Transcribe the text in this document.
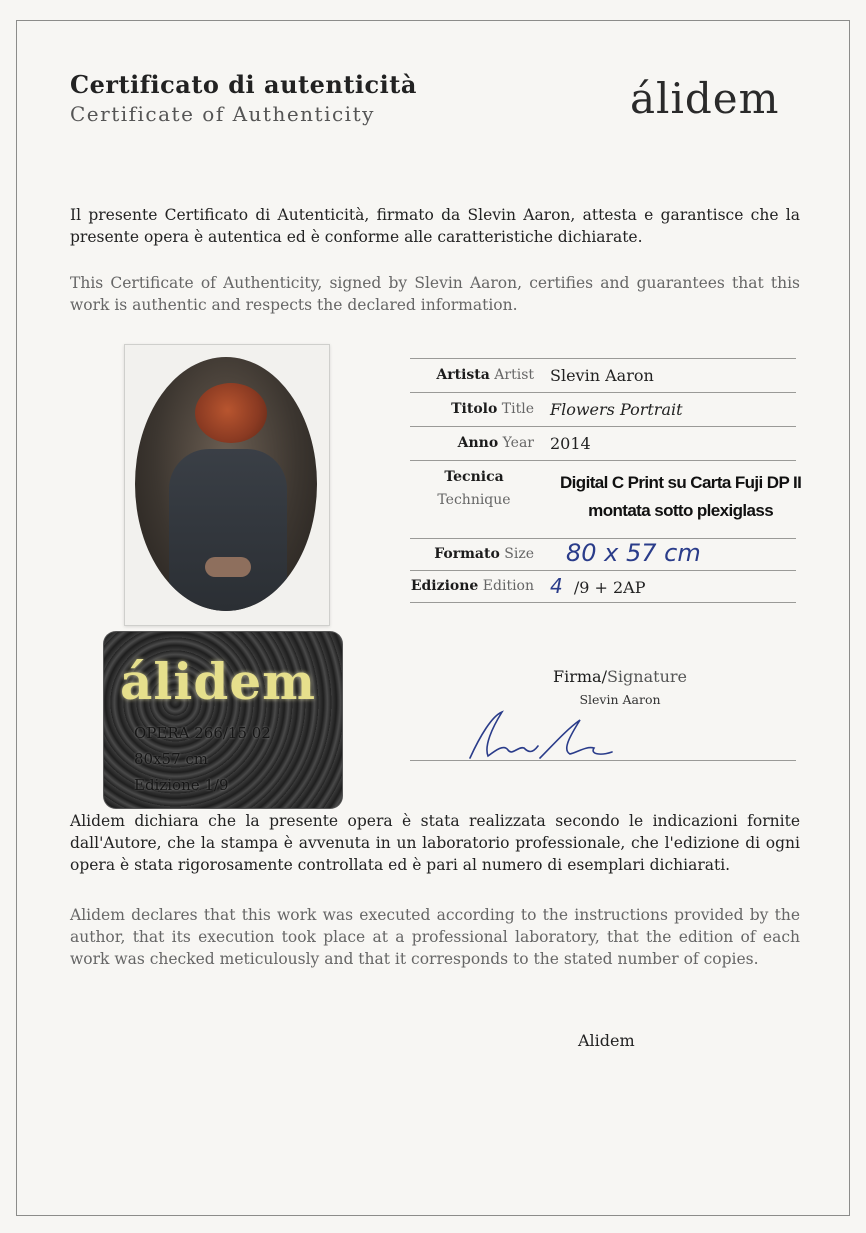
Certificato di autenticità
Certificate of Authenticity	álidem
Il presente Certificato di Autenticità, firmato da Slevin Aaron, attesta e garantisce che la presente opera è autentica ed è conforme alle caratteristiche dichiarate.
This Certificate of Authenticity, signed by Slevin Aaron, certifies and guarantees that this work is authentic and respects the declared information.
álidem
OPERA 266/15 02
80x57 cm
Edizione 1/9
Artista Artist Slevin Aaron
Titolo Title Flowers Portrait
Anno Year 2014
Tecnica
Technique
Digital C Print su Carta Fuji DP II
montata sotto plexiglass
Formato Size 80 x 57 cm
Edizione Edition 4 /9 + 2AP
Firma/Signature
Slevin Aaron
Alidem dichiara che la presente opera è stata realizzata secondo le indicazioni fornite dall'Autore, che la stampa è avvenuta in un laboratorio professionale, che l'edizione di ogni opera è stata rigorosamente controllata ed è pari al numero di esemplari dichiarati.
Alidem declares that this work was executed according to the instructions provided by the author, that its execution took place at a professional laboratory, that the edition of each work was checked meticulously and that it corresponds to the stated number of copies.
Alidem
